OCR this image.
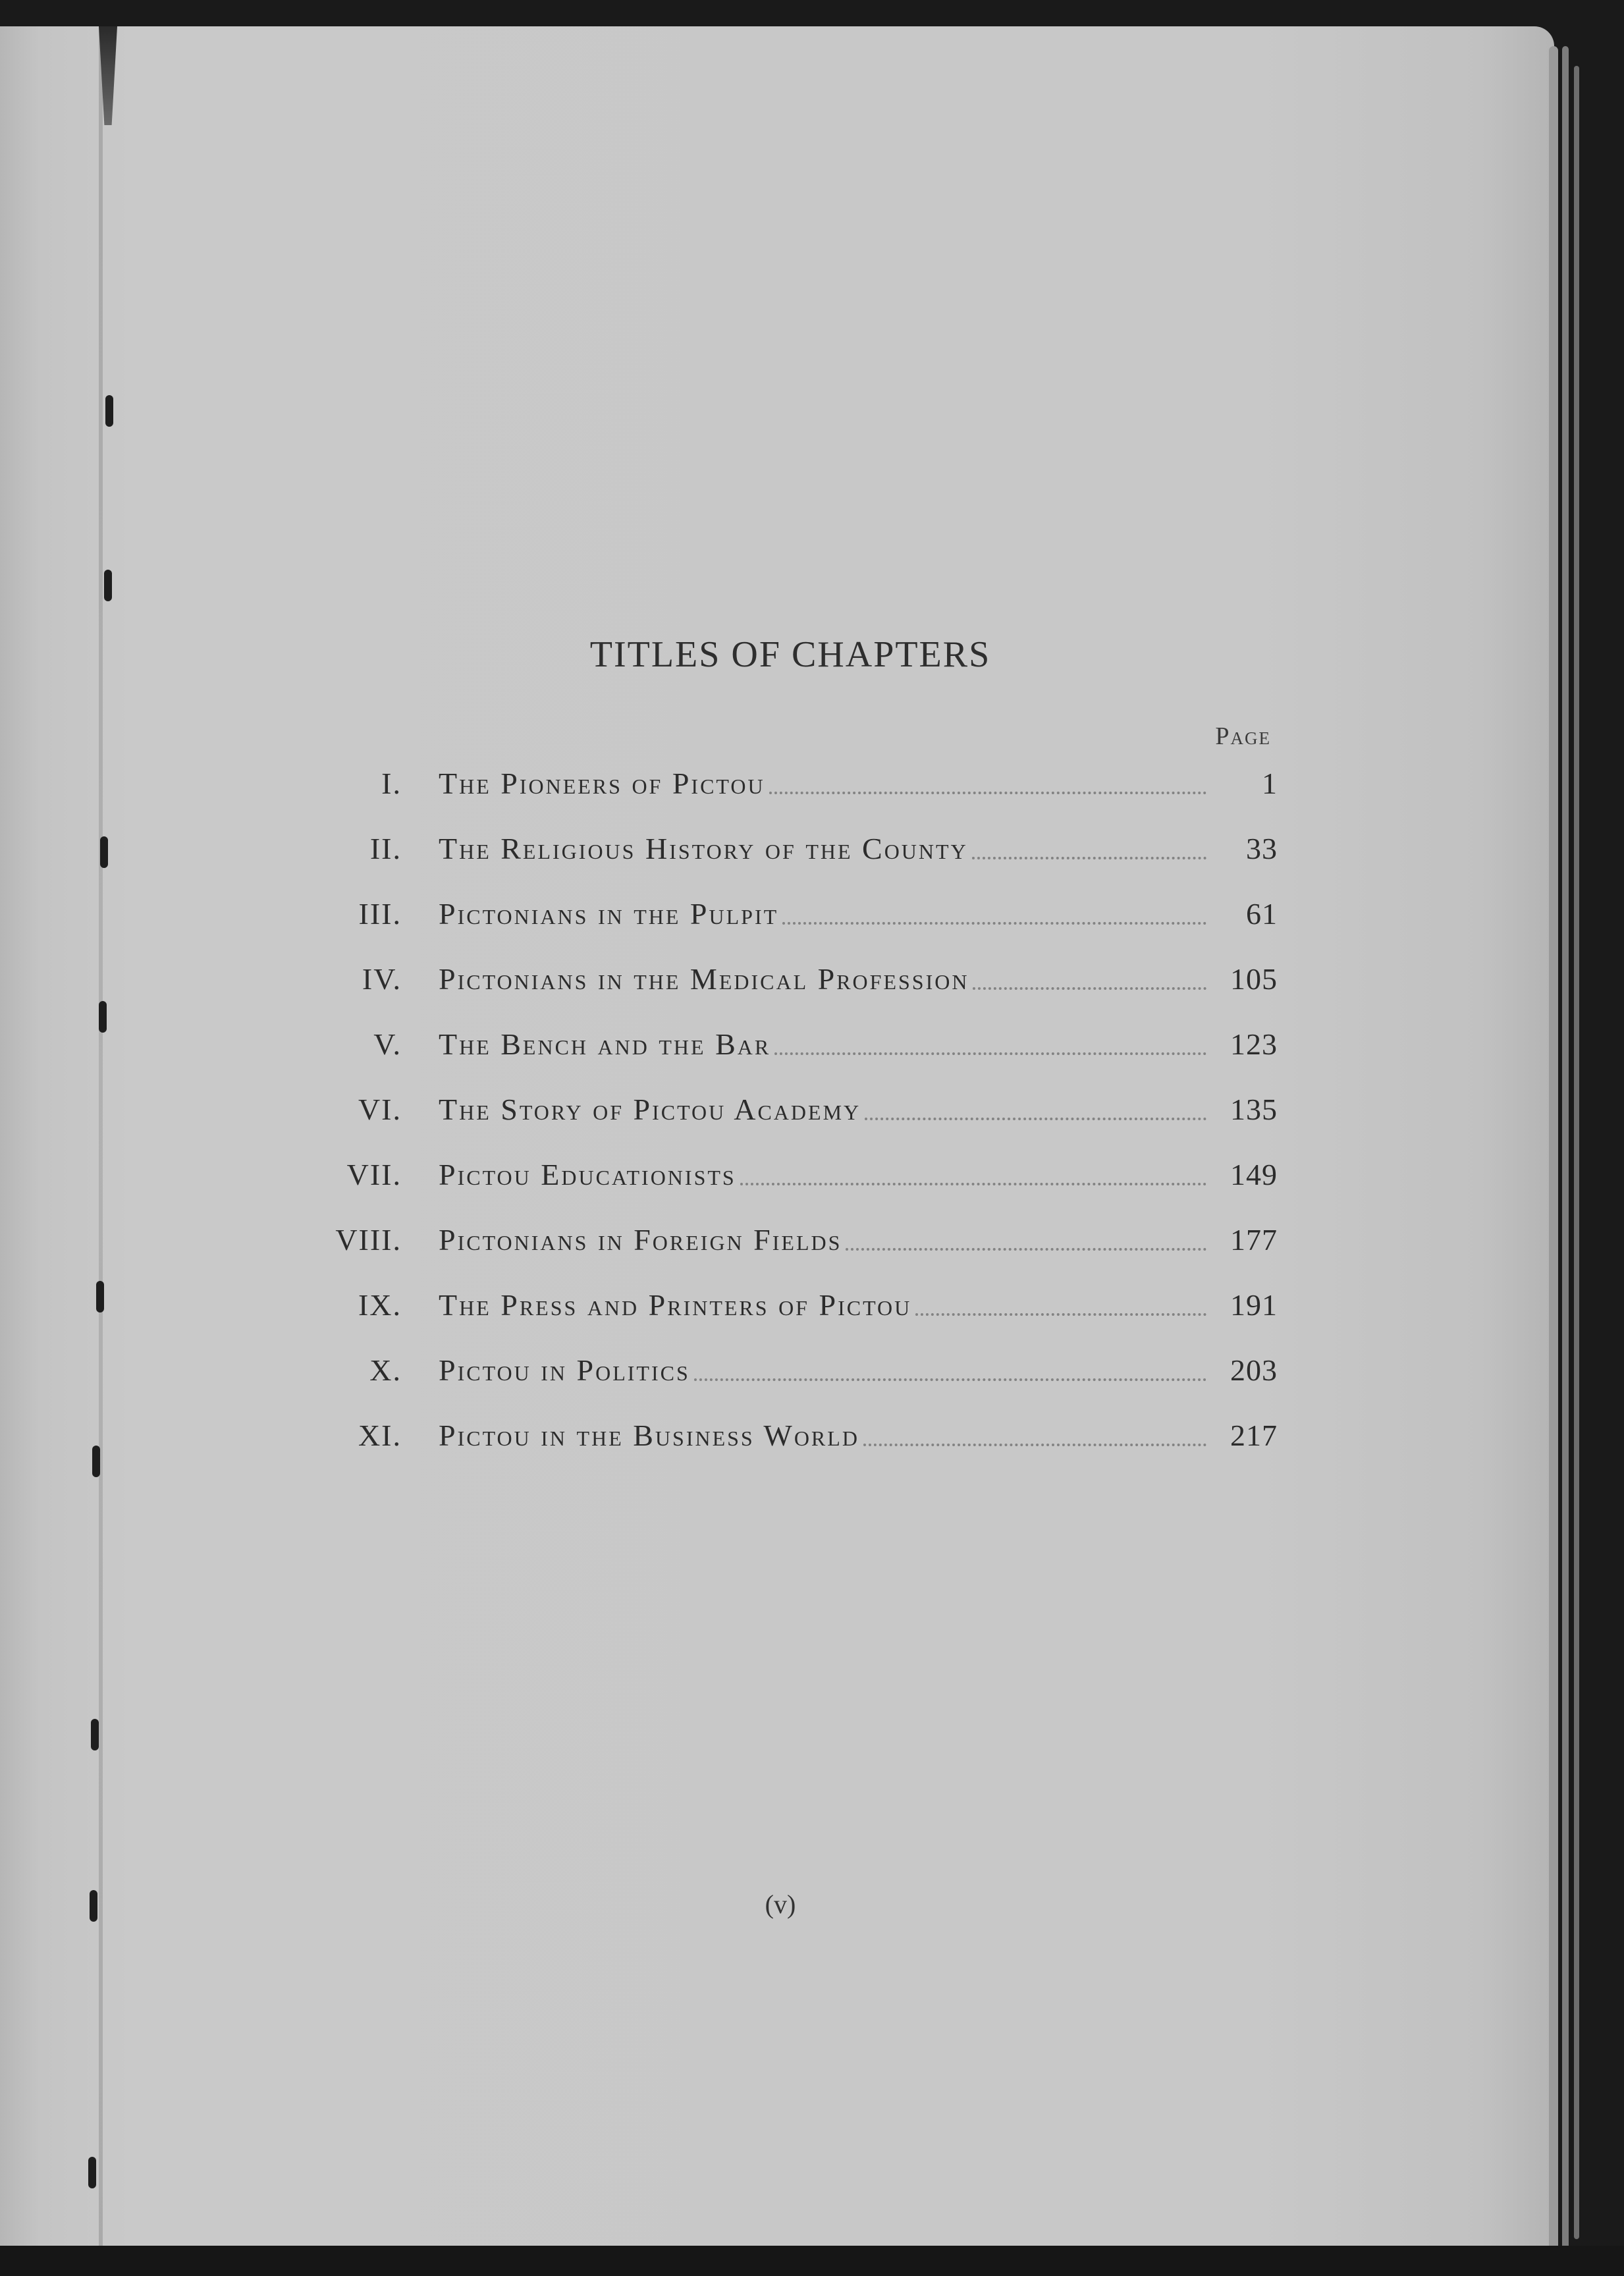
TITLES OF CHAPTERS
Page
I.	The Pioneers of Pictou	1
II.	The Religious History of the County	33
III.	Pictonians in the Pulpit	61
IV.	Pictonians in the Medical Profession	105
V.	The Bench and the Bar	123
VI.	The Story of Pictou Academy	135
VII.	Pictou Educationists	149
VIII.	Pictonians in Foreign Fields	177
IX.	The Press and Printers of Pictou	191
X.	Pictou in Politics	203
XI.	Pictou in the Business World	217
(v)
